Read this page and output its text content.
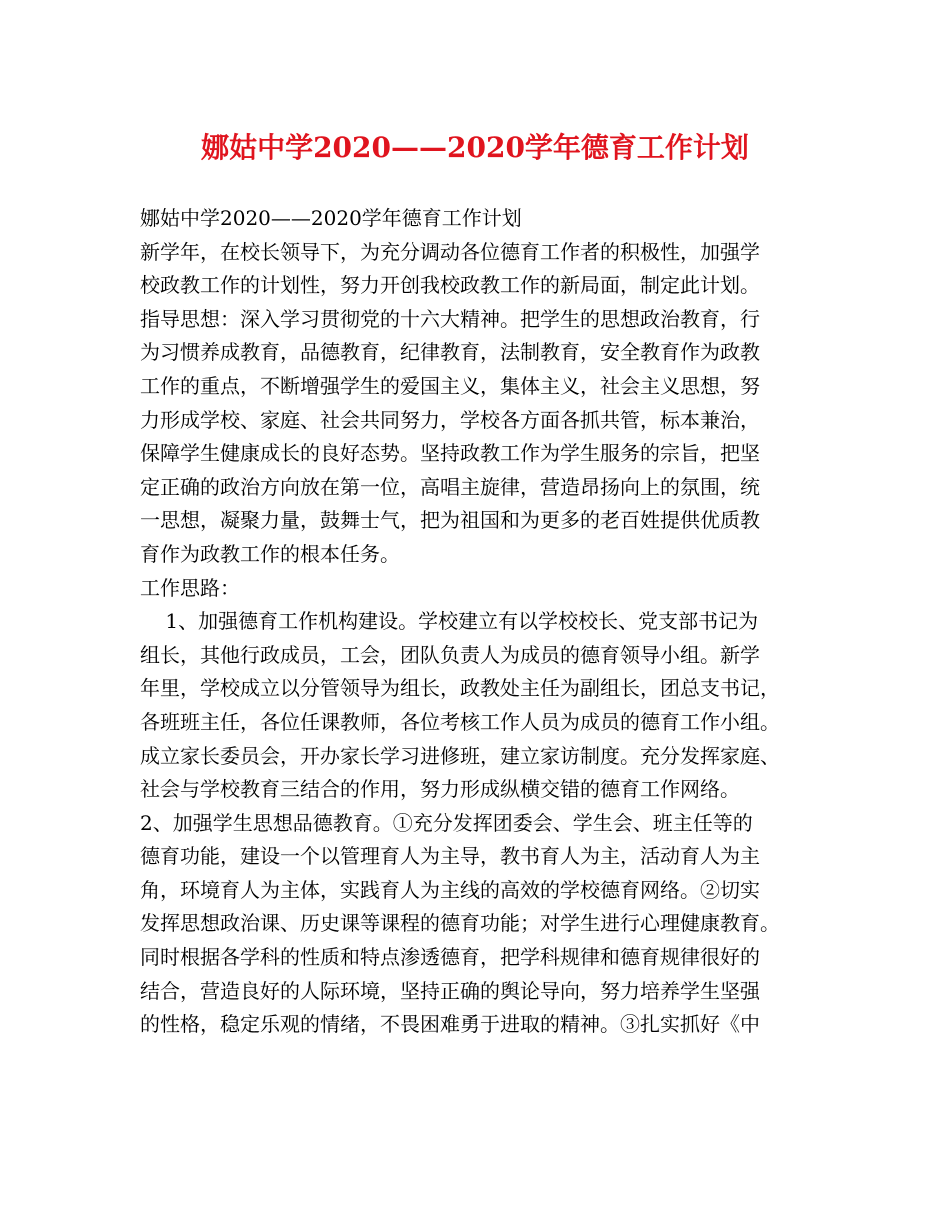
娜姑中学2020——2020学年德育工作计划
娜姑中学2020——2020学年德育工作计划
新学年，在校长领导下，为充分调动各位德育工作者的积极性，加强学
校政教工作的计划性，努力开创我校政教工作的新局面，制定此计划。
指导思想：深入学习贯彻党的十六大精神。把学生的思想政治教育，行
为习惯养成教育，品德教育，纪律教育，法制教育，安全教育作为政教
工作的重点，不断增强学生的爱国主义，集体主义，社会主义思想，努
力形成学校、家庭、社会共同努力，学校各方面各抓共管，标本兼治，
保障学生健康成长的良好态势。坚持政教工作为学生服务的宗旨，把坚
定正确的政治方向放在第一位，高唱主旋律，营造昂扬向上的氛围，统
一思想，凝聚力量，鼓舞士气，把为祖国和为更多的老百姓提供优质教
育作为政教工作的根本任务。
工作思路：
1、加强德育工作机构建设。学校建立有以学校校长、党支部书记为
组长，其他行政成员，工会，团队负责人为成员的德育领导小组。新学
年里，学校成立以分管领导为组长，政教处主任为副组长，团总支书记，
各班班主任，各位任课教师，各位考核工作人员为成员的德育工作小组。
成立家长委员会，开办家长学习进修班，建立家访制度。充分发挥家庭、
社会与学校教育三结合的作用，努力形成纵横交错的德育工作网络。
2、加强学生思想品德教育。①充分发挥团委会、学生会、班主任等的
德育功能，建设一个以管理育人为主导，教书育人为主，活动育人为主
角，环境育人为主体，实践育人为主线的高效的学校德育网络。②切实
发挥思想政治课、历史课等课程的德育功能；对学生进行心理健康教育。
同时根据各学科的性质和特点渗透德育，把学科规律和德育规律很好的
结合，营造良好的人际环境，坚持正确的舆论导向，努力培养学生坚强
的性格，稳定乐观的情绪，不畏困难勇于进取的精神。③扎实抓好《中
